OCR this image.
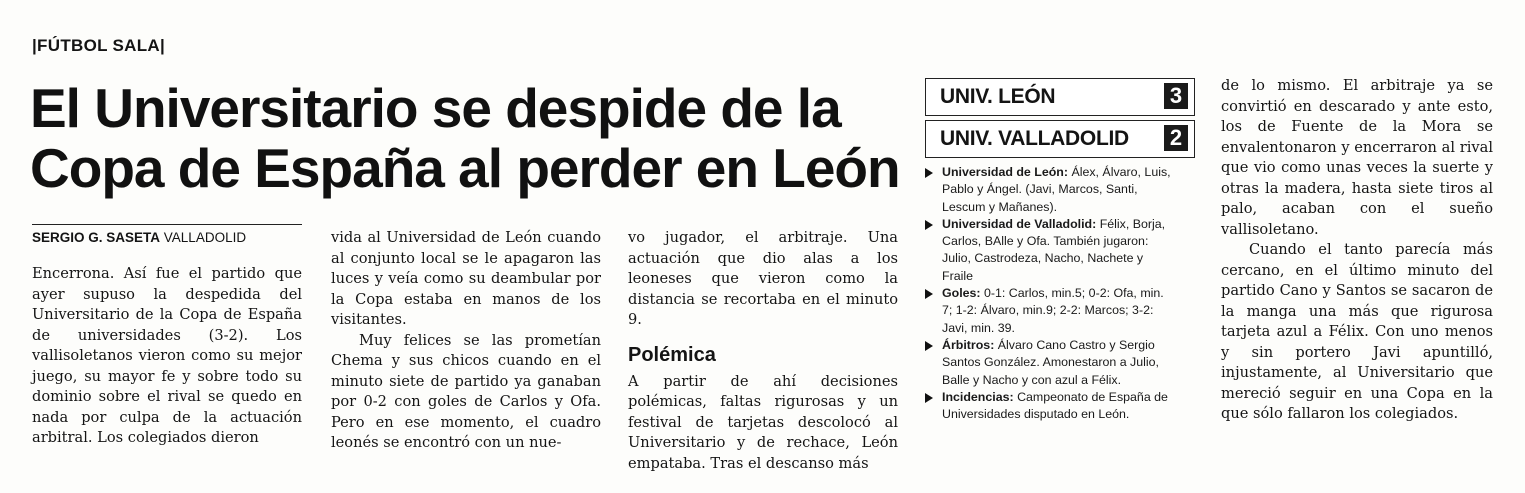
|FÚTBOL SALA|
El Universitario se despide de la Copa de España al perder en León
SERGIO G. SASETA VALLADOLID

Encerrona. Así fue el partido que ayer supuso la despedida del Universitario de la Copa de España de universidades (3-2). Los vallisoletanos vieron como su mejor juego, su mayor fe y sobre todo su dominio sobre el rival se quedo en nada por culpa de la actuación arbitral. Los colegiados dieron

vida al Universidad de León cuando al conjunto local se le apagaron las luces y veía como su deambular por la Copa estaba en manos de los visitantes.

Muy felices se las prometían Chema y sus chicos cuando en el minuto siete de partido ya ganaban por 0-2 con goles de Carlos y Ofa. Pero en ese momento, el cuadro leonés se encontró con un nue-

vo jugador, el arbitraje. Una actuación que dio alas a los leoneses que vieron como la distancia se recortaba en el minuto 9.

Polémica

A partir de ahí decisiones polémicas, faltas rigurosas y un festival de tarjetas descolocó al Universitario y de rechace, León empataba. Tras el descanso más

UNIV. LEÓN	3
UNIV. VALLADOLID 2
Universidad de León: Álex, Álvaro, Luis, Pablo y Ángel. (Javi, Marcos, Santi, Lescum y Mañanes).
Universidad de Valladolid: Félix, Borja, Carlos, BAlle y Ofa. También jugaron: Julio, Castrodeza, Nacho, Nachete y Fraile
Goles: 0-1: Carlos, min.5; 0-2: Ofa, min. 7; 1-2: Álvaro, min.9; 2-2: Marcos; 3-2: Javi, min. 39.
Árbitros: Álvaro Cano Castro y Sergio Santos González. Amonestaron a Julio, Balle y Nacho y con azul a Félix.
Incidencias: Campeonato de España de Universidades disputado en León.

de lo mismo. El arbitraje ya se convirtió en descarado y ante esto, los de Fuente de la Mora se envalentonaron y encerraron al rival que vio como unas veces la suerte y otras la madera, hasta siete tiros al palo, acaban con el sueño vallisoletano.

Cuando el tanto parecía más cercano, en el último minuto del partido Cano y Santos se sacaron de la manga una más que rigurosa tarjeta azul a Félix. Con uno menos y sin portero Javi apuntilló, injustamente, al Universitario que mereció seguir en una Copa en la que sólo fallaron los colegiados.
